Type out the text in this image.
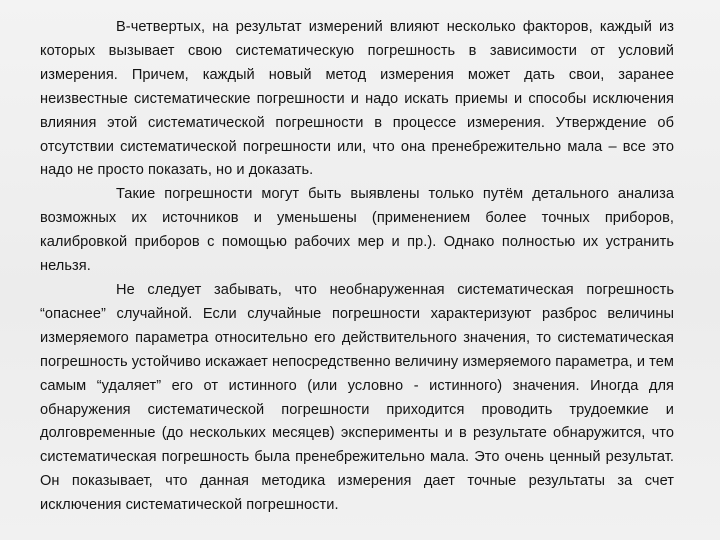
В-четвертых, на результат измерений влияют несколько факторов, каждый из которых вызывает свою систематическую погрешность в зависимости от условий измерения. Причем, каждый новый метод измерения может дать свои, заранее неизвестные систематические погрешности и надо искать приемы и способы исключения влияния этой систематической погрешности в процессе измерения. Утверждение об отсутствии систематической погрешности или, что она пренебрежительно мала – все это надо не просто показать, но и доказать.

Такие погрешности могут быть выявлены только путём детального анализа возможных их источников и уменьшены (применением более точных приборов, калибровкой приборов с помощью рабочих мер и пр.). Однако полностью их устранить нельзя.

Не следует забывать, что необнаруженная систематическая погрешность “опаснее” случайной. Если случайные погрешности характеризуют разброс величины измеряемого параметра относительно его действительного значения, то систематическая погрешность устойчиво искажает непосредственно величину измеряемого параметра, и тем самым “удаляет” его от истинного (или условно - истинного) значения. Иногда для обнаружения систематической погрешности приходится проводить трудоемкие и долговременные (до нескольких месяцев) эксперименты и в результате обнаружится, что систематическая погрешность была пренебрежительно мала. Это очень ценный результат. Он показывает, что данная методика измерения дает точные результаты за счет исключения систематической погрешности.
